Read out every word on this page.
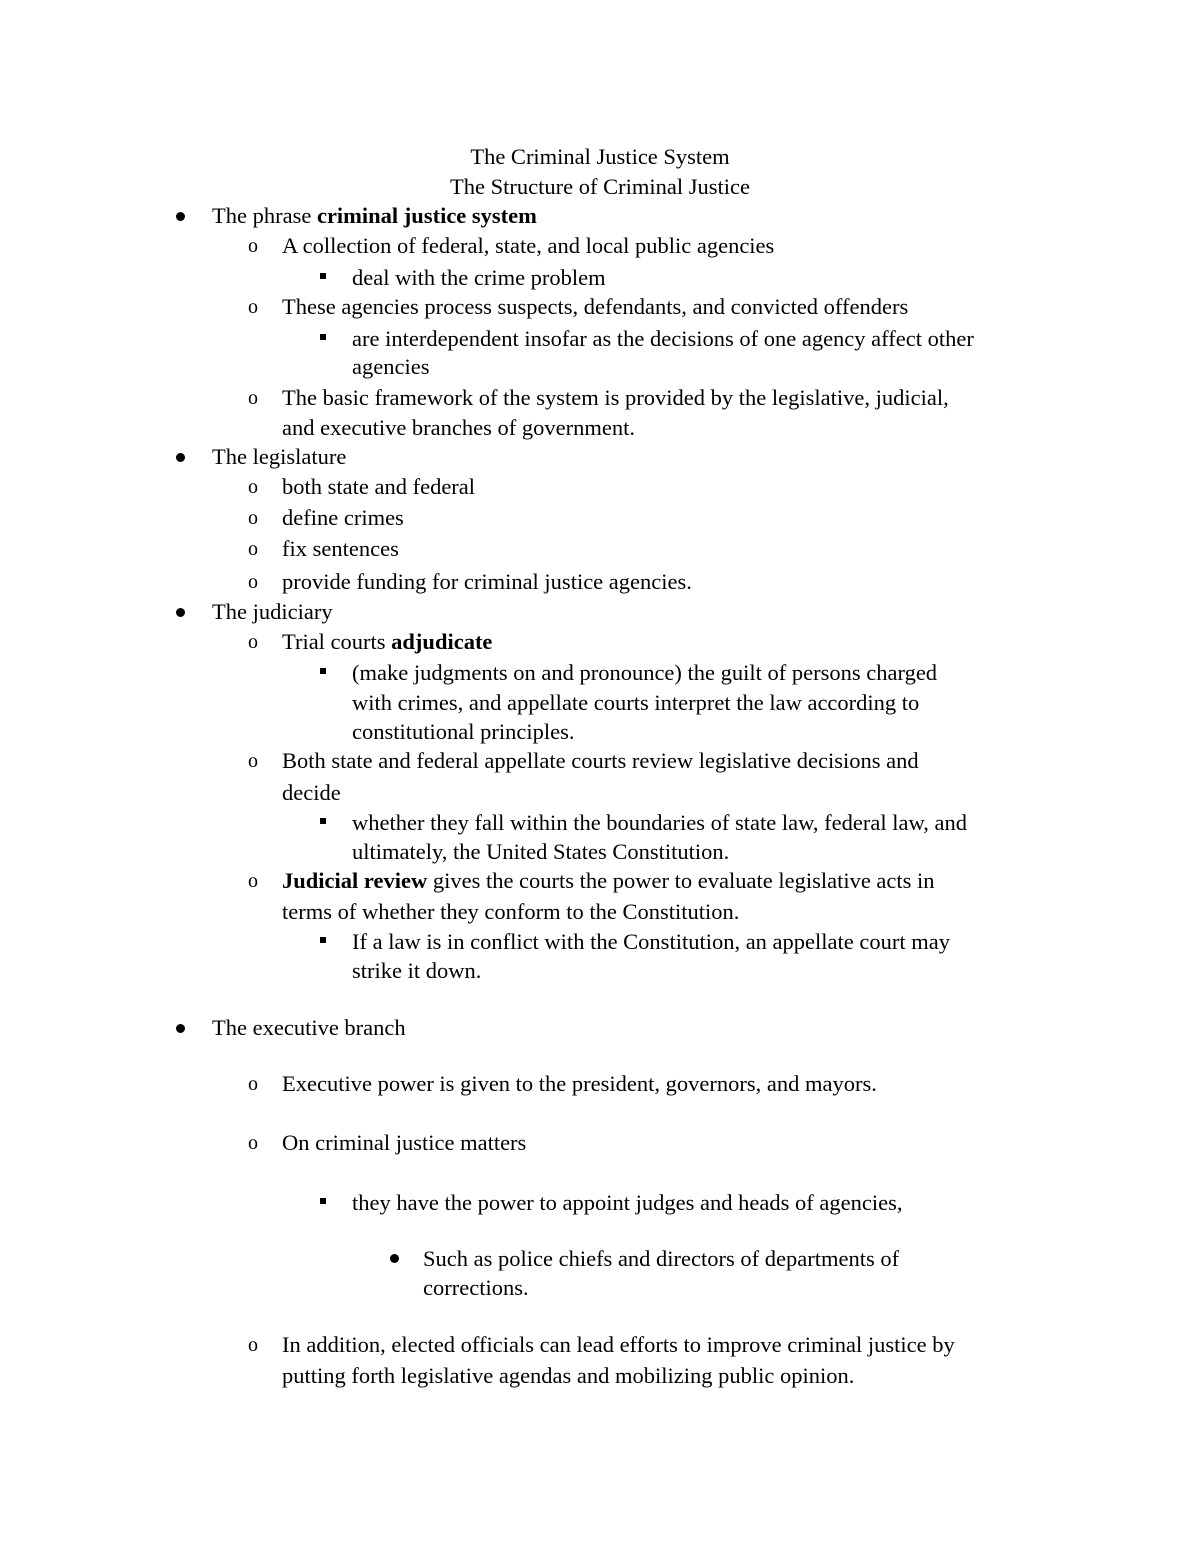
The Criminal Justice System
The Structure of Criminal Justice
The phrase criminal justice system
o A collection of federal, state, and local public agencies
deal with the crime problem
o These agencies process suspects, defendants, and convicted offenders
are interdependent insofar as the decisions of one agency affect other
agencies
o The basic framework of the system is provided by the legislative, judicial,
and executive branches of government.
The legislature
o both state and federal
o define crimes
o fix sentences
o provide funding for criminal justice agencies.
The judiciary
o Trial courts adjudicate
(make judgments on and pronounce) the guilt of persons charged
with crimes, and appellate courts interpret the law according to
constitutional principles.
o Both state and federal appellate courts review legislative decisions and
decide
whether they fall within the boundaries of state law, federal law, and
ultimately, the United States Constitution.
o Judicial review gives the courts the power to evaluate legislative acts in
terms of whether they conform to the Constitution.
If a law is in conflict with the Constitution, an appellate court may
strike it down.
The executive branch
o Executive power is given to the president, governors, and mayors.
o On criminal justice matters
they have the power to appoint judges and heads of agencies,
Such as police chiefs and directors of departments of
corrections.
o In addition, elected officials can lead efforts to improve criminal justice by
putting forth legislative agendas and mobilizing public opinion.
